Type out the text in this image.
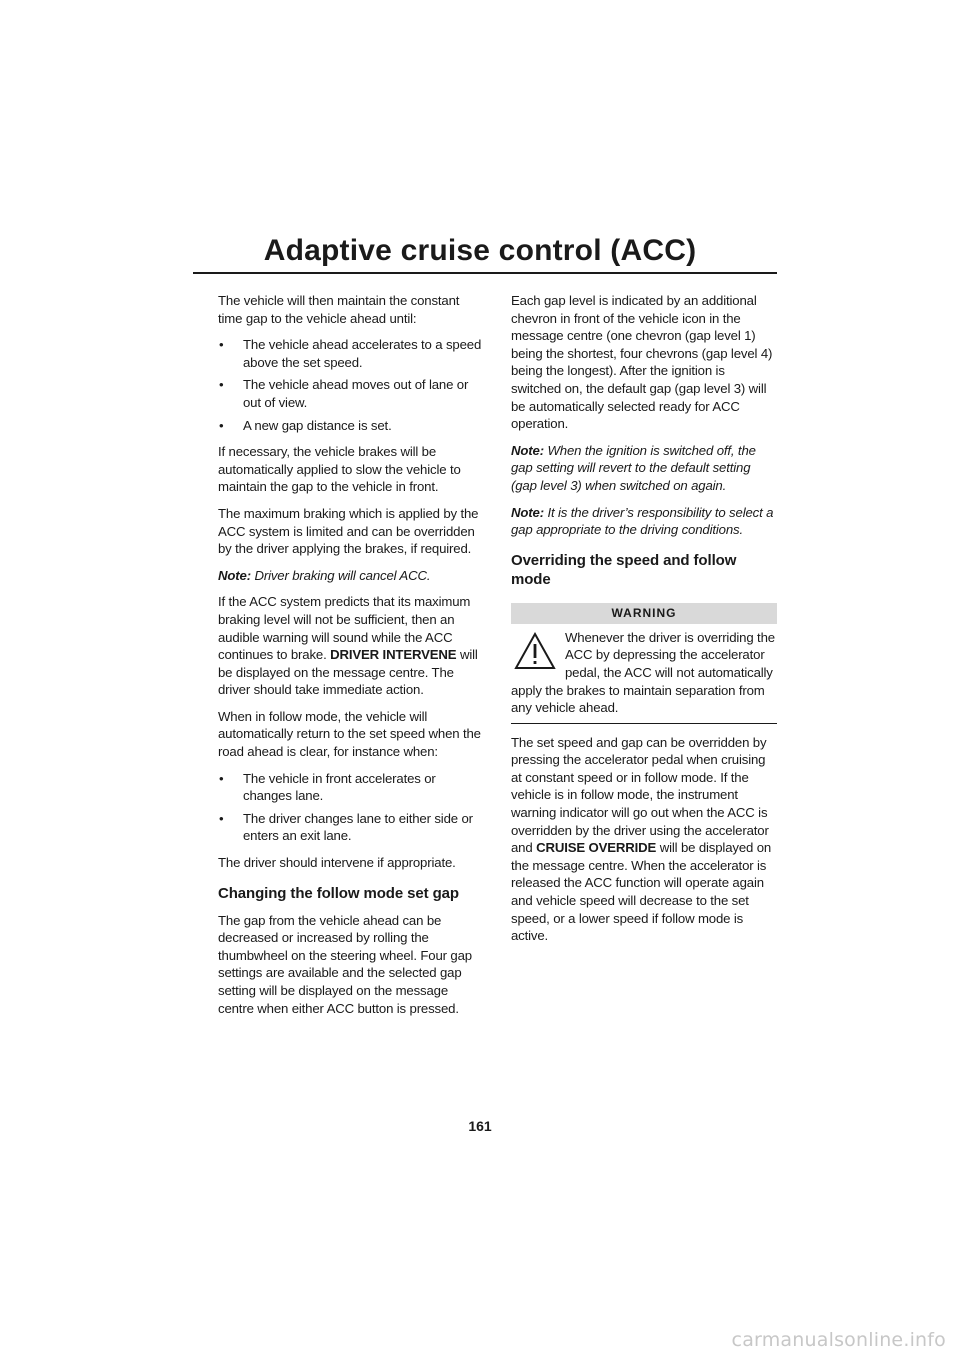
Adaptive cruise control (ACC)

The vehicle will then maintain the constant time gap to the vehicle ahead until:

• The vehicle ahead accelerates to a speed above the set speed.
• The vehicle ahead moves out of lane or out of view.
• A new gap distance is set.

If necessary, the vehicle brakes will be automatically applied to slow the vehicle to maintain the gap to the vehicle in front.

The maximum braking which is applied by the ACC system is limited and can be overridden by the driver applying the brakes, if required.

Note: Driver braking will cancel ACC.

If the ACC system predicts that its maximum braking level will not be sufficient, then an audible warning will sound while the ACC continues to brake. DRIVER INTERVENE will be displayed on the message centre. The driver should take immediate action.

When in follow mode, the vehicle will automatically return to the set speed when the road ahead is clear, for instance when:

• The vehicle in front accelerates or changes lane.
• The driver changes lane to either side or enters an exit lane.

The driver should intervene if appropriate.

Changing the follow mode set gap

The gap from the vehicle ahead can be decreased or increased by rolling the thumbwheel on the steering wheel. Four gap settings are available and the selected gap setting will be displayed on the message centre when either ACC button is pressed.

Each gap level is indicated by an additional chevron in front of the vehicle icon in the message centre (one chevron (gap level 1) being the shortest, four chevrons (gap level 4) being the longest). After the ignition is switched on, the default gap (gap level 3) will be automatically selected ready for ACC operation.

Note: When the ignition is switched off, the gap setting will revert to the default setting (gap level 3) when switched on again.

Note: It is the driver’s responsibility to select a gap appropriate to the driving conditions.

Overriding the speed and follow mode
WARNING
Whenever the driver is overriding the ACC by depressing the accelerator pedal, the ACC will not automatically apply the brakes to maintain separation from any vehicle ahead.

The set speed and gap can be overridden by pressing the accelerator pedal when cruising at constant speed or in follow mode. If the vehicle is in follow mode, the instrument warning indicator will go out when the ACC is overridden by the driver using the accelerator and CRUISE OVERRIDE will be displayed on the message centre. When the accelerator is released the ACC function will operate again and vehicle speed will decrease to the set speed, or a lower speed if follow mode is active.

161
carmanualsonline.info
